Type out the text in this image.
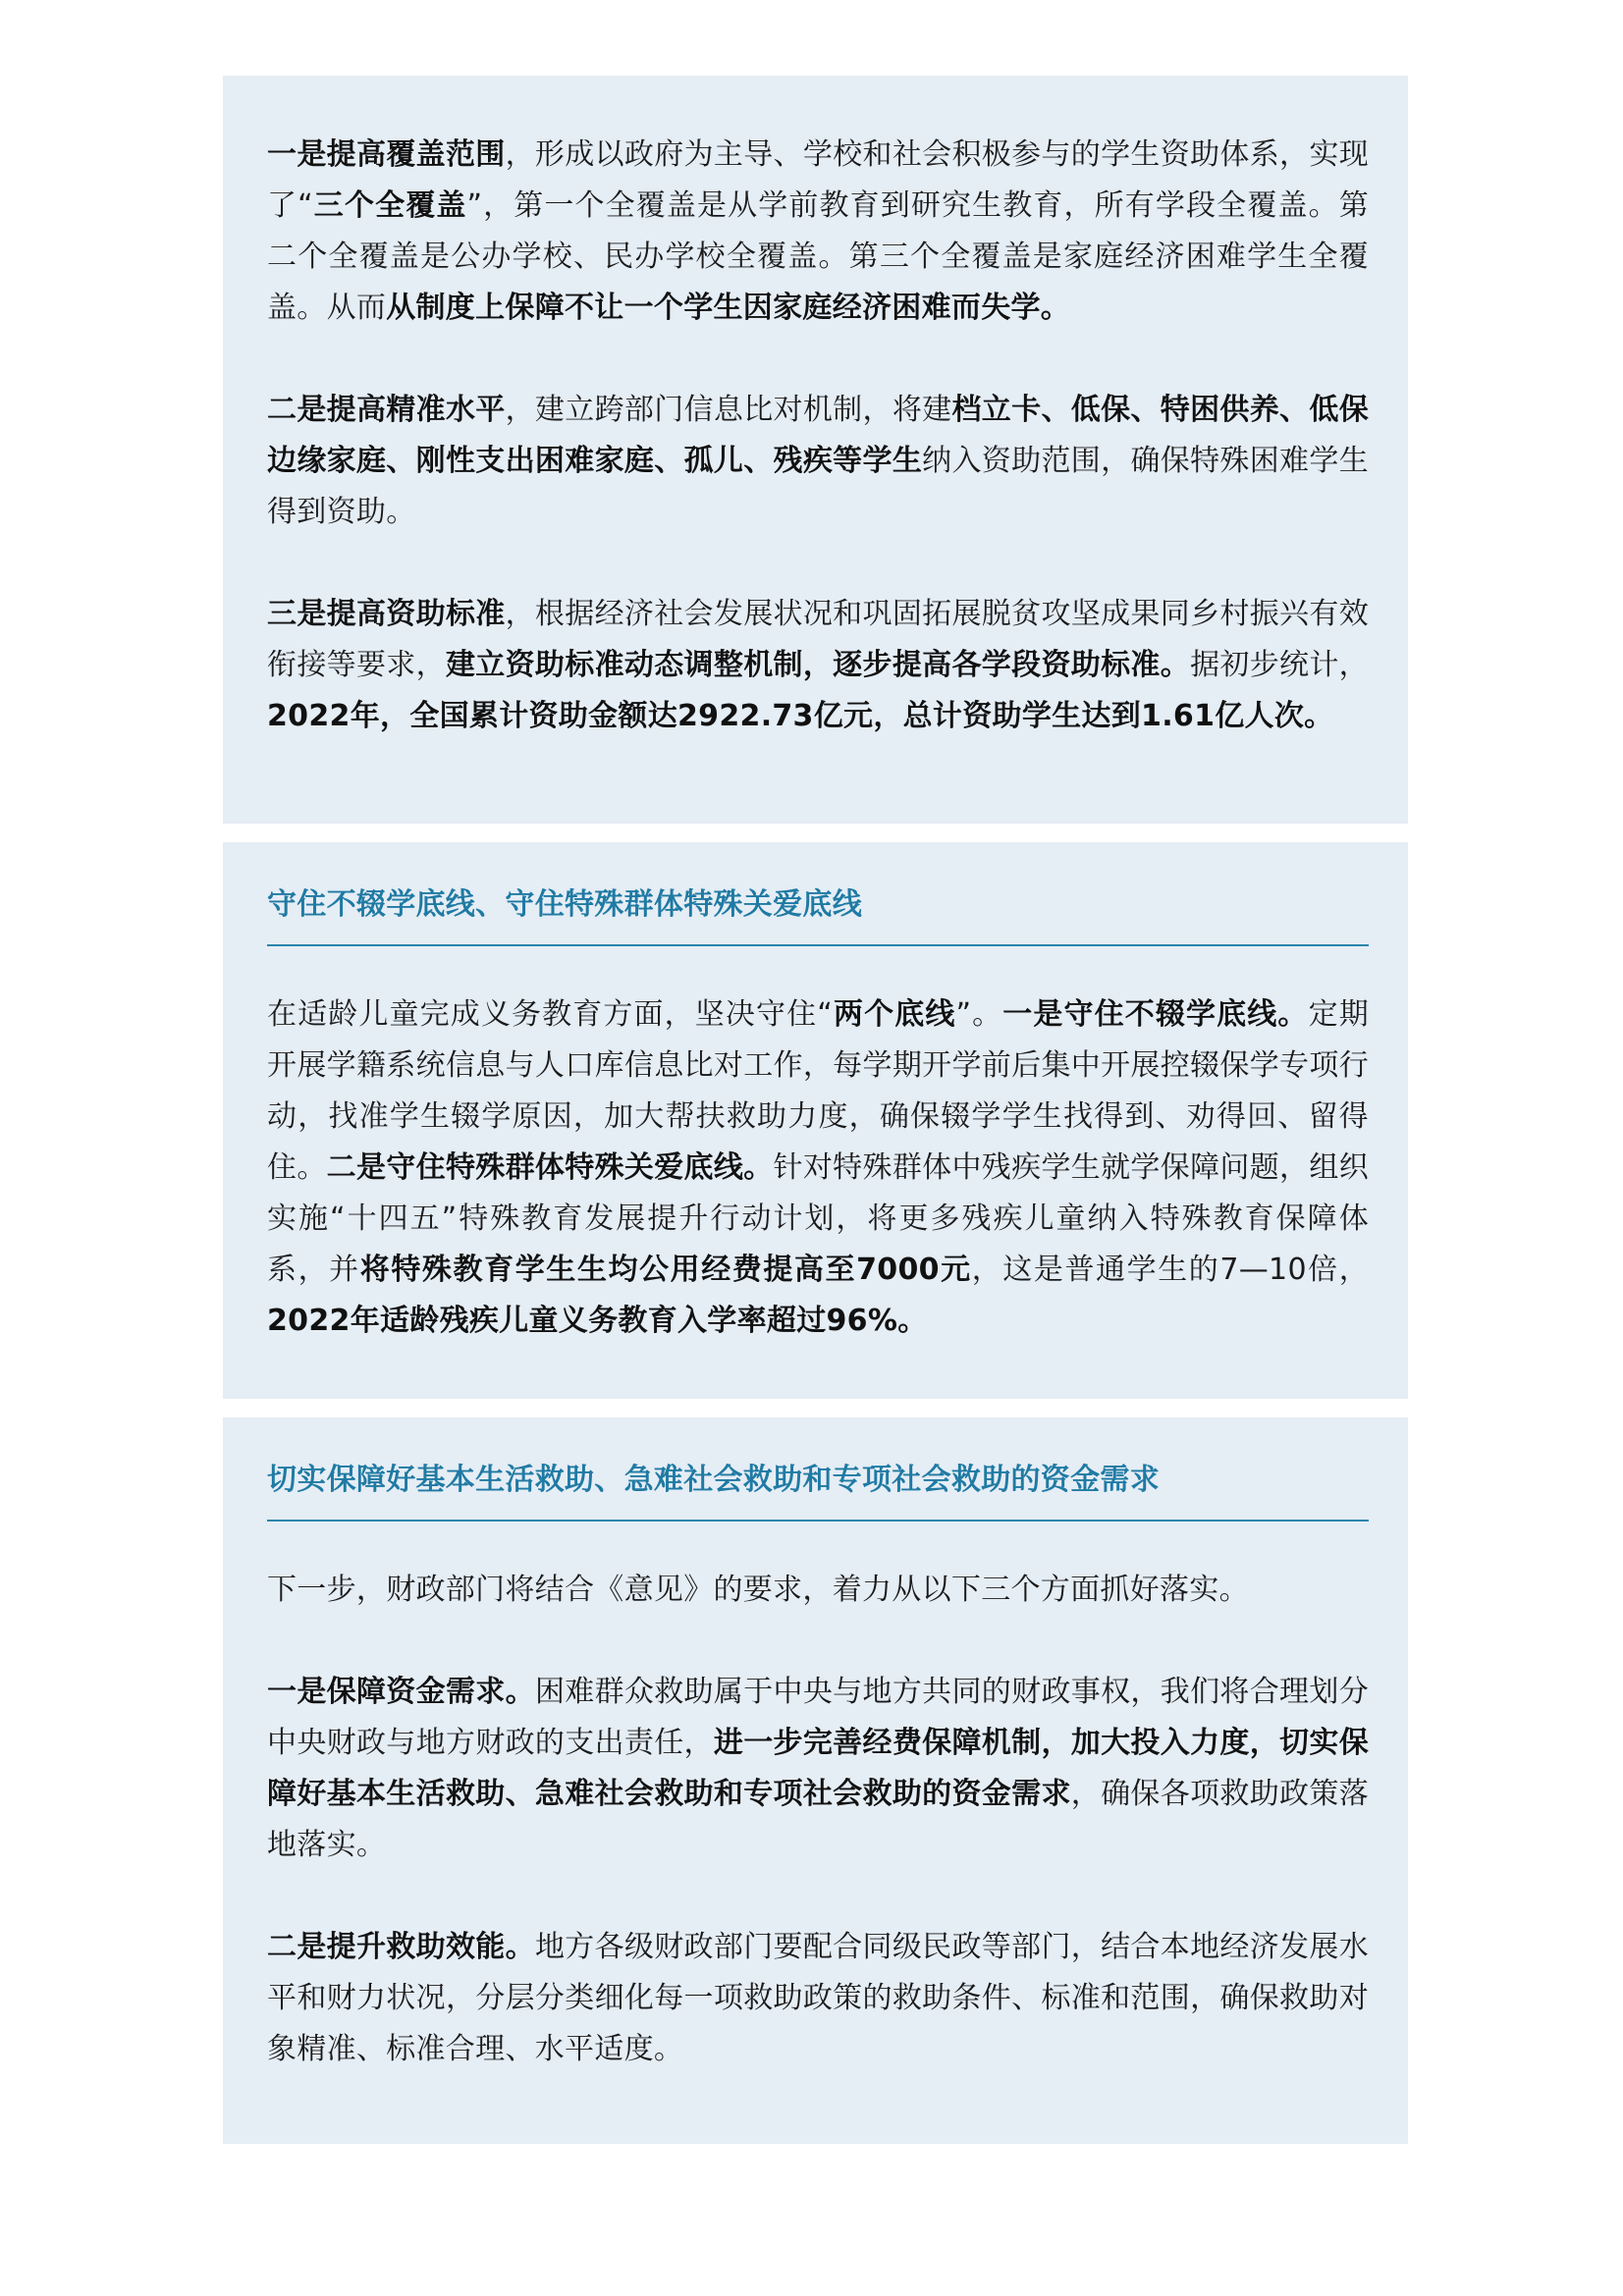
一是提高覆盖范围，形成以政府为主导、学校和社会积极参与的学生资助体系，实现了“三个全覆盖”，第一个全覆盖是从学前教育到研究生教育，所有学段全覆盖。第二个全覆盖是公办学校、民办学校全覆盖。第三个全覆盖是家庭经济困难学生全覆盖。从而从制度上保障不让一个学生因家庭经济困难而失学。

二是提高精准水平，建立跨部门信息比对机制，将建档立卡、低保、特困供养、低保边缘家庭、刚性支出困难家庭、孤儿、残疾等学生纳入资助范围，确保特殊困难学生得到资助。

三是提高资助标准，根据经济社会发展状况和巩固拓展脱贫攻坚成果同乡村振兴有效衔接等要求，建立资助标准动态调整机制，逐步提高各学段资助标准。据初步统计，2022年，全国累计资助金额达2922.73亿元，总计资助学生达到1.61亿人次。

守住不辍学底线、守住特殊群体特殊关爱底线

在适龄儿童完成义务教育方面，坚决守住“两个底线”。一是守住不辍学底线。定期开展学籍系统信息与人口库信息比对工作，每学期开学前后集中开展控辍保学专项行动，找准学生辍学原因，加大帮扶救助力度，确保辍学学生找得到、劝得回、留得住。二是守住特殊群体特殊关爱底线。针对特殊群体中残疾学生就学保障问题，组织实施“十四五”特殊教育发展提升行动计划，将更多残疾儿童纳入特殊教育保障体系，并将特殊教育学生生均公用经费提高至7000元，这是普通学生的7—10倍，2022年适龄残疾儿童义务教育入学率超过96%。

切实保障好基本生活救助、急难社会救助和专项社会救助的资金需求

下一步，财政部门将结合《意见》的要求，着力从以下三个方面抓好落实。

一是保障资金需求。困难群众救助属于中央与地方共同的财政事权，我们将合理划分中央财政与地方财政的支出责任，进一步完善经费保障机制，加大投入力度，切实保障好基本生活救助、急难社会救助和专项社会救助的资金需求，确保各项救助政策落地落实。

二是提升救助效能。地方各级财政部门要配合同级民政等部门，结合本地经济发展水平和财力状况，分层分类细化每一项救助政策的救助条件、标准和范围，确保救助对象精准、标准合理、水平适度。
